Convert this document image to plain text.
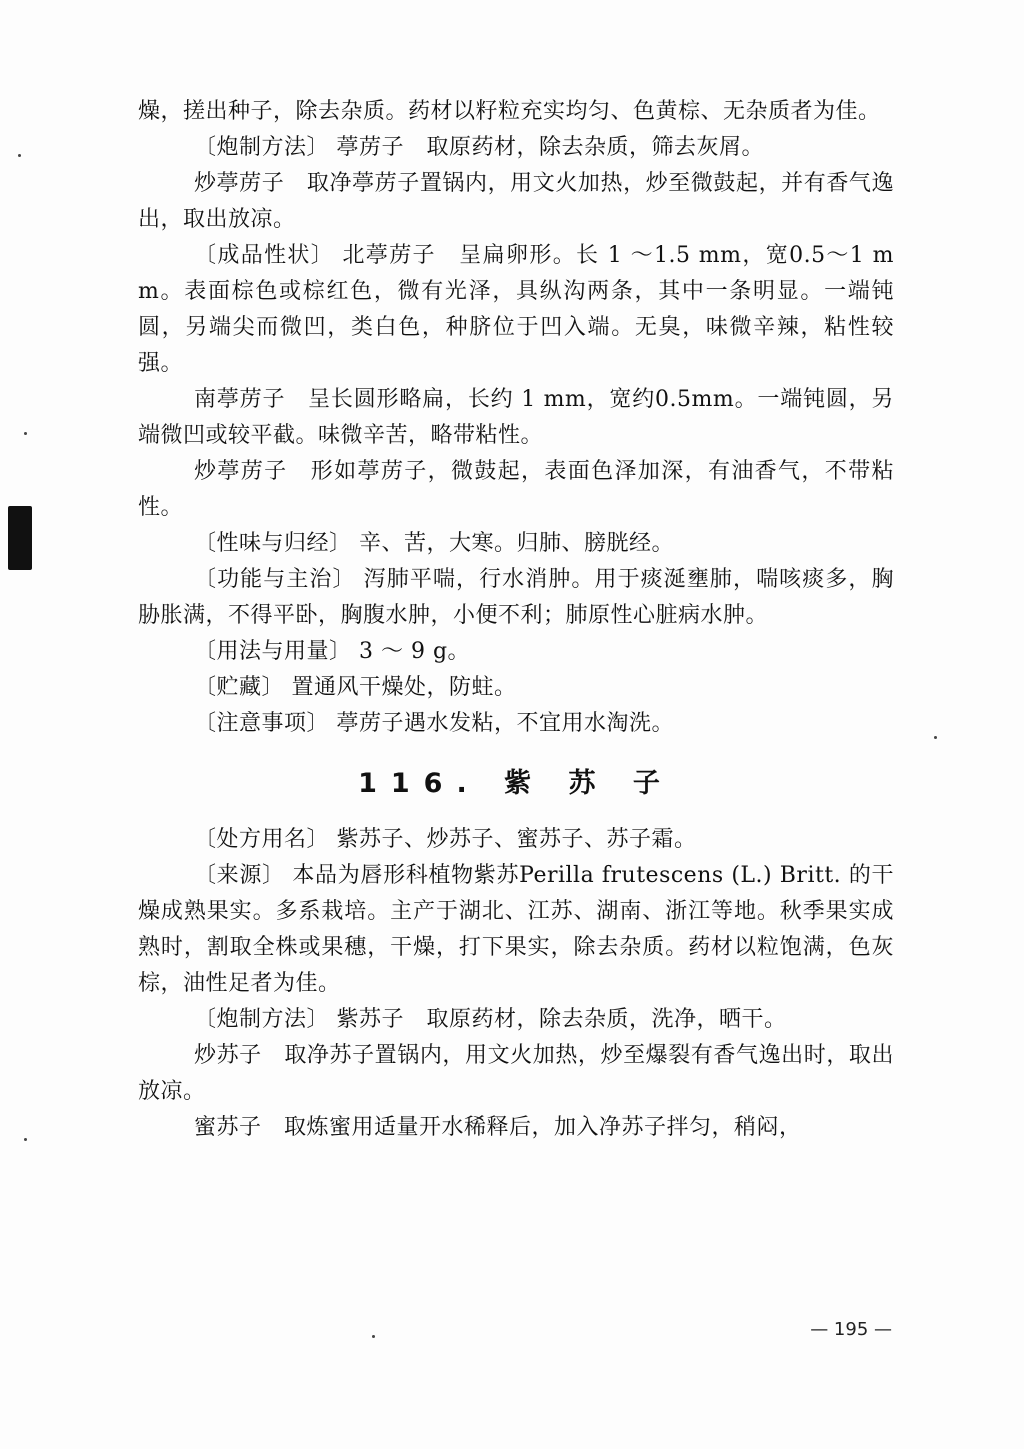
燥，搓出种子，除去杂质。药材以籽粒充实均匀、色黄棕、无杂质者为佳。

〔炮制方法〕 葶苈子　取原药材，除去杂质，筛去灰屑。

炒葶苈子　取净葶苈子置锅内，用文火加热，炒至微鼓起，并有香气逸出，取出放凉。

〔成品性状〕 北葶苈子　呈扁卵形。长 1 ～1.5 mm，宽0.5～1 mm。表面棕色或棕红色，微有光泽，具纵沟两条，其中一条明显。一端钝圆，另端尖而微凹，类白色，种脐位于凹入端。无臭，味微辛辣，粘性较强。

南葶苈子　呈长圆形略扁，长约 1 mm，宽约0.5mm。一端钝圆，另端微凹或较平截。味微辛苦，略带粘性。

炒葶苈子　形如葶苈子，微鼓起，表面色泽加深，有油香气，不带粘性。

〔性味与归经〕 辛、苦，大寒。归肺、膀胱经。

〔功能与主治〕 泻肺平喘，行水消肿。用于痰涎壅肺，喘咳痰多，胸胁胀满，不得平卧，胸腹水肿，小便不利；肺原性心脏病水肿。

〔用法与用量〕 3 ～ 9 g。

〔贮藏〕 置通风干燥处，防蛀。

〔注意事项〕 葶苈子遇水发粘，不宜用水淘洗。

116. 紫 苏 子

〔处方用名〕 紫苏子、炒苏子、蜜苏子、苏子霜。

〔来源〕 本品为唇形科植物紫苏Perilla frutescens (L.) Britt. 的干燥成熟果实。多系栽培。主产于湖北、江苏、湖南、浙江等地。秋季果实成熟时，割取全株或果穗，干燥，打下果实，除去杂质。药材以粒饱满，色灰棕，油性足者为佳。

〔炮制方法〕 紫苏子　取原药材，除去杂质，洗净，晒干。

炒苏子　取净苏子置锅内，用文火加热，炒至爆裂有香气逸出时，取出放凉。

蜜苏子　取炼蜜用适量开水稀释后，加入净苏子拌匀，稍闷，

— 195 —
